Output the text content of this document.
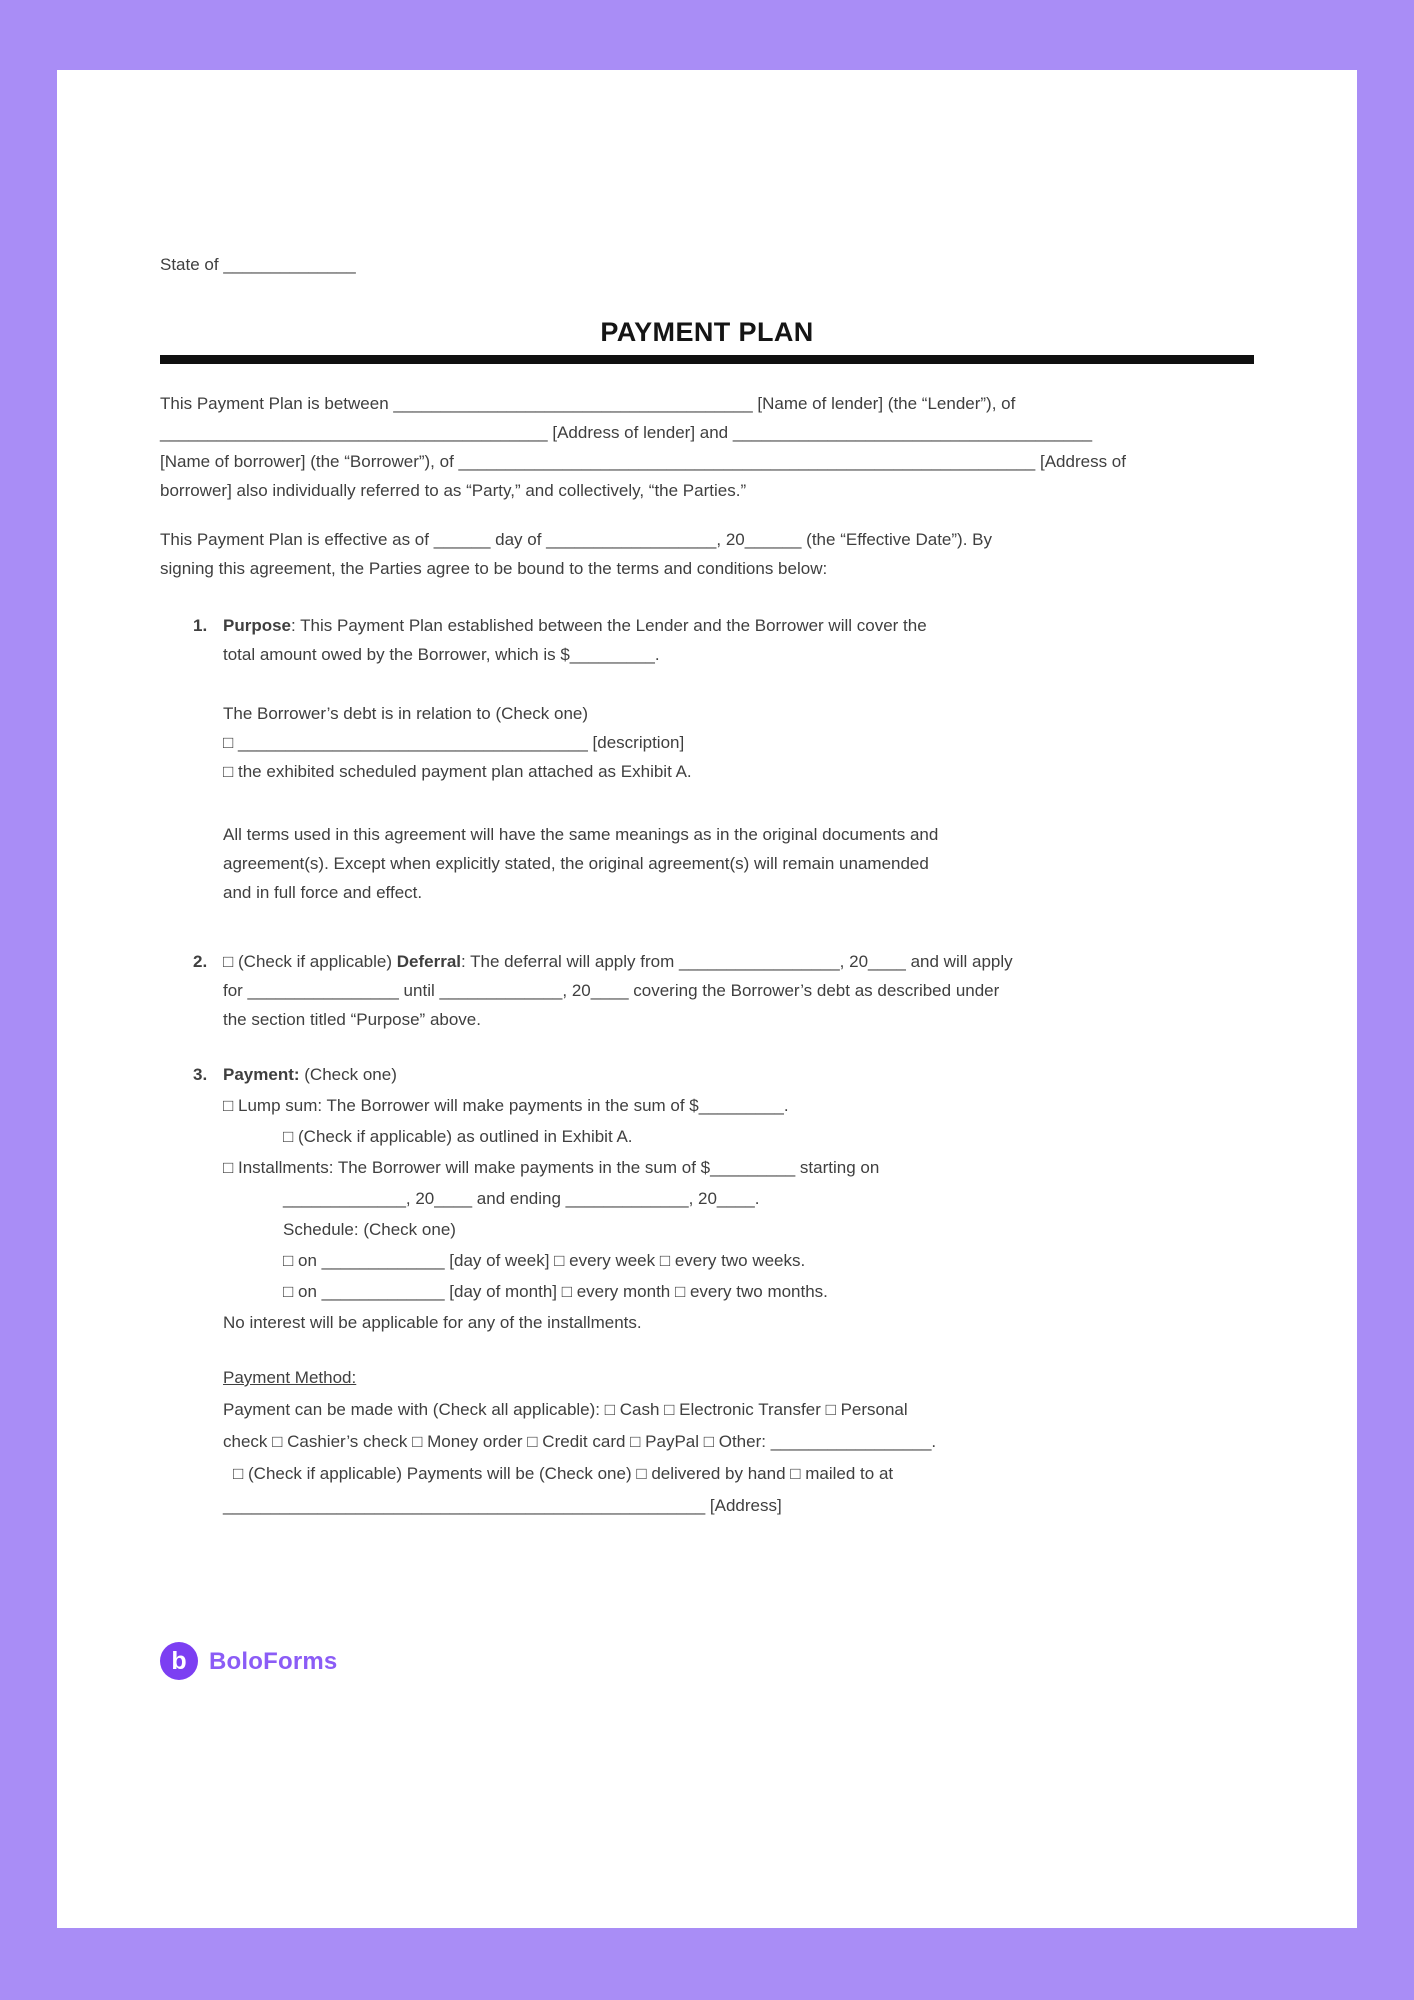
State of ______________
PAYMENT PLAN
This Payment Plan is between ______________________________________ [Name of lender] (the “Lender”), of
_________________________________________ [Address of lender] and ______________________________________
[Name of borrower] (the “Borrower”), of _____________________________________________________________ [Address of
borrower] also individually referred to as “Party,” and collectively, “the Parties.”
This Payment Plan is effective as of ______ day of __________________, 20______ (the “Effective Date”). By
signing this agreement, the Parties agree to be bound to the terms and conditions below:
1. Purpose: This Payment Plan established between the Lender and the Borrower will cover the
total amount owed by the Borrower, which is $_________.
The Borrower’s debt is in relation to (Check one)
□ _____________________________________ [description]
□ the exhibited scheduled payment plan attached as Exhibit A.
All terms used in this agreement will have the same meanings as in the original documents and
agreement(s). Except when explicitly stated, the original agreement(s) will remain unamended
and in full force and effect.
2. □ (Check if applicable) Deferral: The deferral will apply from _________________, 20____ and will apply
for ________________ until _____________, 20____ covering the Borrower’s debt as described under
the section titled “Purpose” above.
3. Payment: (Check one)
□ Lump sum: The Borrower will make payments in the sum of $_________.
□ (Check if applicable) as outlined in Exhibit A.
□ Installments: The Borrower will make payments in the sum of $_________ starting on
_____________, 20____ and ending _____________, 20____.
Schedule: (Check one)
□ on _____________ [day of week] □ every week □ every two weeks.
□ on _____________ [day of month] □ every month □ every two months.
No interest will be applicable for any of the installments.
Payment Method:
Payment can be made with (Check all applicable): □ Cash □ Electronic Transfer □ Personal
check □ Cashier’s check □ Money order □ Credit card □ PayPal □ Other: _________________.
□ (Check if applicable) Payments will be (Check one) □ delivered by hand □ mailed to at
___________________________________________________ [Address]
b BoloForms
